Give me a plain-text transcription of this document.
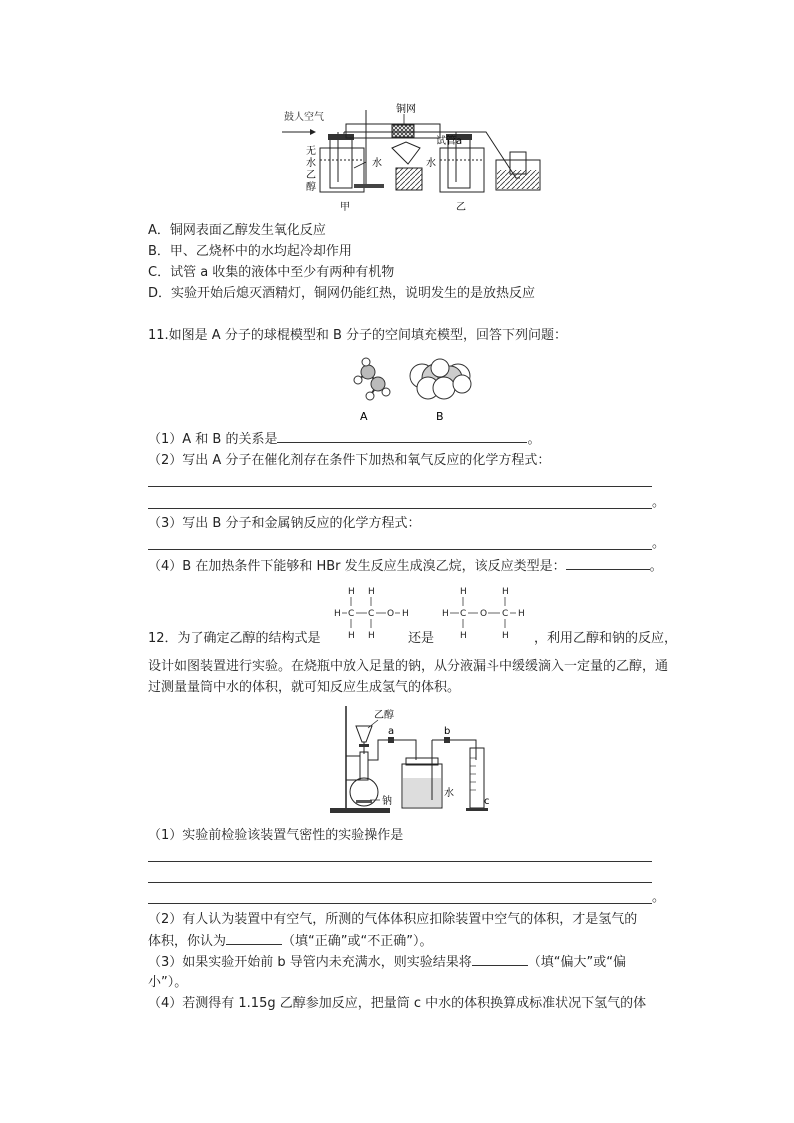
鼓人空气
无
水
乙
醇
水
铜网
试管a
水
甲	乙
A．铜网表面乙醇发生氧化反应
B．甲、乙烧杯中的水均起冷却作用
C．试管 a 收集的液体中至少有两种有机物
D．实验开始后熄灭酒精灯，铜网仍能红热，说明发生的是放热反应
11.如图是 A 分子的球棍模型和 B 分子的空间填充模型，回答下列问题：
A	B
（1）A 和 B 的关系是	。
（2）写出 A 分子在催化剂存在条件下加热和氧气反应的化学方程式：
。
（3）写出 B 分子和金属钠反应的化学方程式：
。
（4）B 在加热条件下能够和 HBr 发生反应生成溴乙烷，该反应类型是：	。
12．为了确定乙醇的结构式是
H H
H C C O H
H H	还是
H	H
H C O C H
H	H ，利用乙醇和钠的反应，
设计如图装置进行实验。在烧瓶中放入足量的钠，从分液漏斗中缓缓滴入一定量的乙醇，通
过测量量筒中水的体积，就可知反应生成氢气的体积。
乙醇
钠
a
水
b
c
（1）实验前检验该装置气密性的实验操作是
。
（2）有人认为装置中有空气，所测的气体体积应扣除装置中空气的体积，才是氢气的
体积，你认为	（填“正确”或“不正确”）。
（3）如果实验开始前 b 导管内未充满水，则实验结果将	（填“偏大”或“偏
小”）。
（4）若测得有 1.15g 乙醇参加反应，把量筒 c 中水的体积换算成标准状况下氢气的体
